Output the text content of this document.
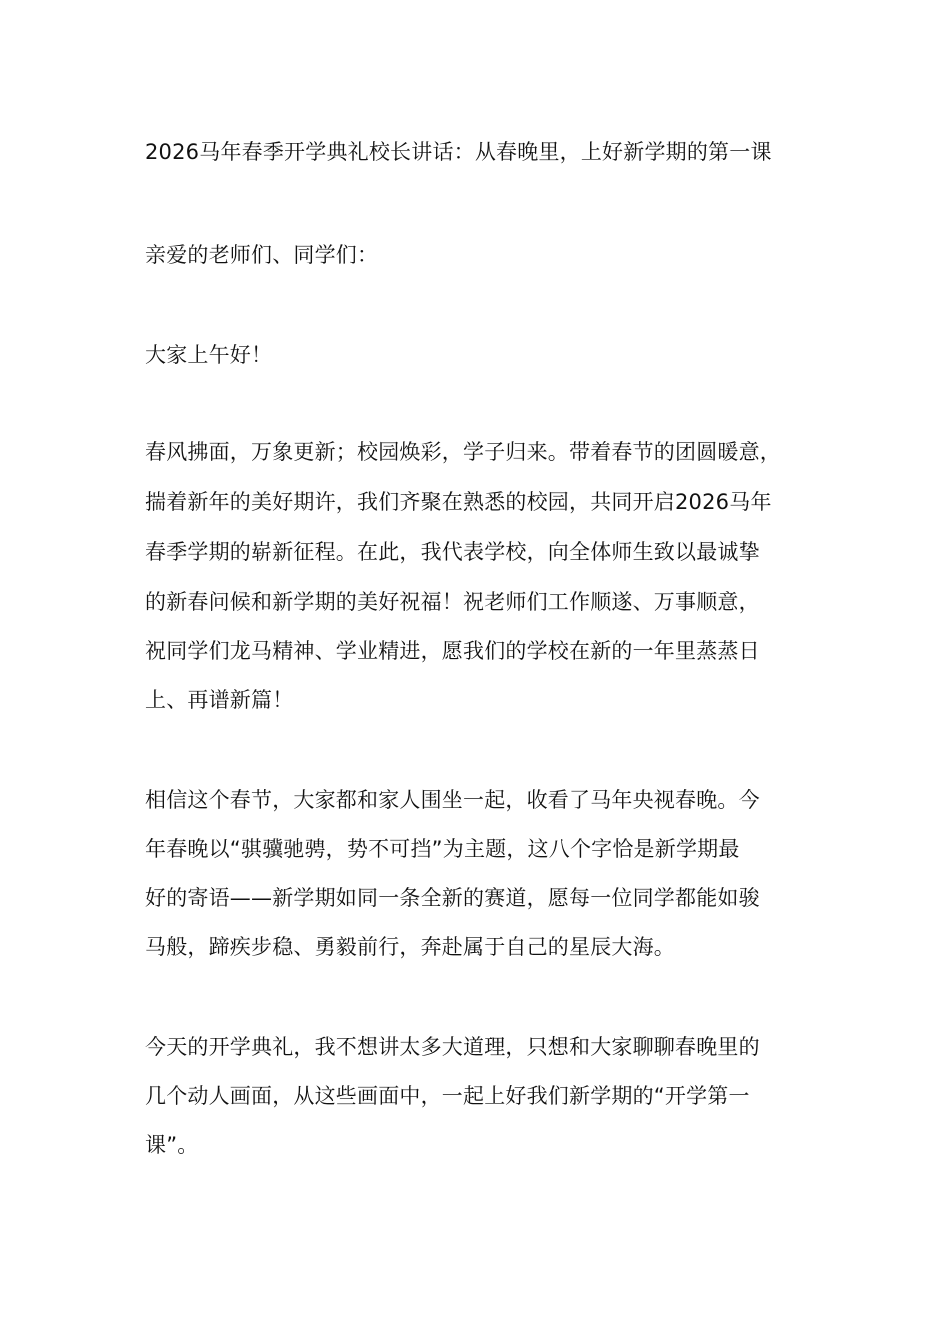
2026马年春季开学典礼校长讲话：从春晚里，上好新学期的第一课
亲爱的老师们、同学们：
大家上午好！
春风拂面，万象更新；校园焕彩，学子归来。带着春节的团圆暖意，
揣着新年的美好期许，我们齐聚在熟悉的校园，共同开启2026马年
春季学期的崭新征程。在此，我代表学校，向全体师生致以最诚挚
的新春问候和新学期的美好祝福！祝老师们工作顺遂、万事顺意，
祝同学们龙马精神、学业精进，愿我们的学校在新的一年里蒸蒸日
上、再谱新篇！
相信这个春节，大家都和家人围坐一起，收看了马年央视春晚。今
年春晚以“骐骥驰骋，势不可挡”为主题，这八个字恰是新学期最
好的寄语——新学期如同一条全新的赛道，愿每一位同学都能如骏
马般，蹄疾步稳、勇毅前行，奔赴属于自己的星辰大海。
今天的开学典礼，我不想讲太多大道理，只想和大家聊聊春晚里的
几个动人画面，从这些画面中，一起上好我们新学期的“开学第一
课”。
